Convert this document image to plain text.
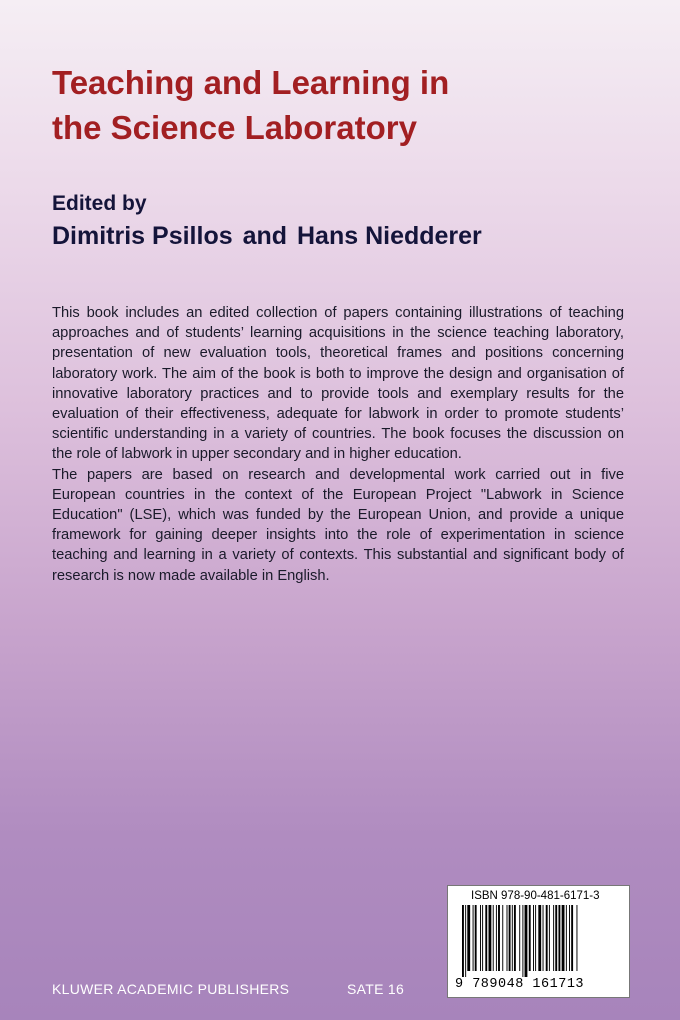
Teaching and Learning in
the Science Laboratory
Edited by
Dimitris Psillos and Hans Niedderer

This book includes an edited collection of papers containing illustrations of teaching approaches and of students’ learning acquisitions in the science teaching laboratory, presentation of new evaluation tools, theoretical frames and positions concerning laboratory work. The aim of the book is both to improve the design and organisation of innovative laboratory practices and to provide tools and exemplary results for the evaluation of their effectiveness, adequate for labwork in order to promote students’ scientific understanding in a variety of countries. The book focuses the discussion on the role of labwork in upper secondary and in higher education.

The papers are based on research and developmental work carried out in five European countries in the context of the European Project "Labwork in Science Education" (LSE), which was funded by the European Union, and provide a unique framework for gaining deeper insights into the role of experimentation in science teaching and learning in a variety of contexts. This substantial and significant body of research is now made available in English.

KLUWER ACADEMIC PUBLISHERS	SATE 16
ISBN 978-90-481-6171-3
9 789048 161713
